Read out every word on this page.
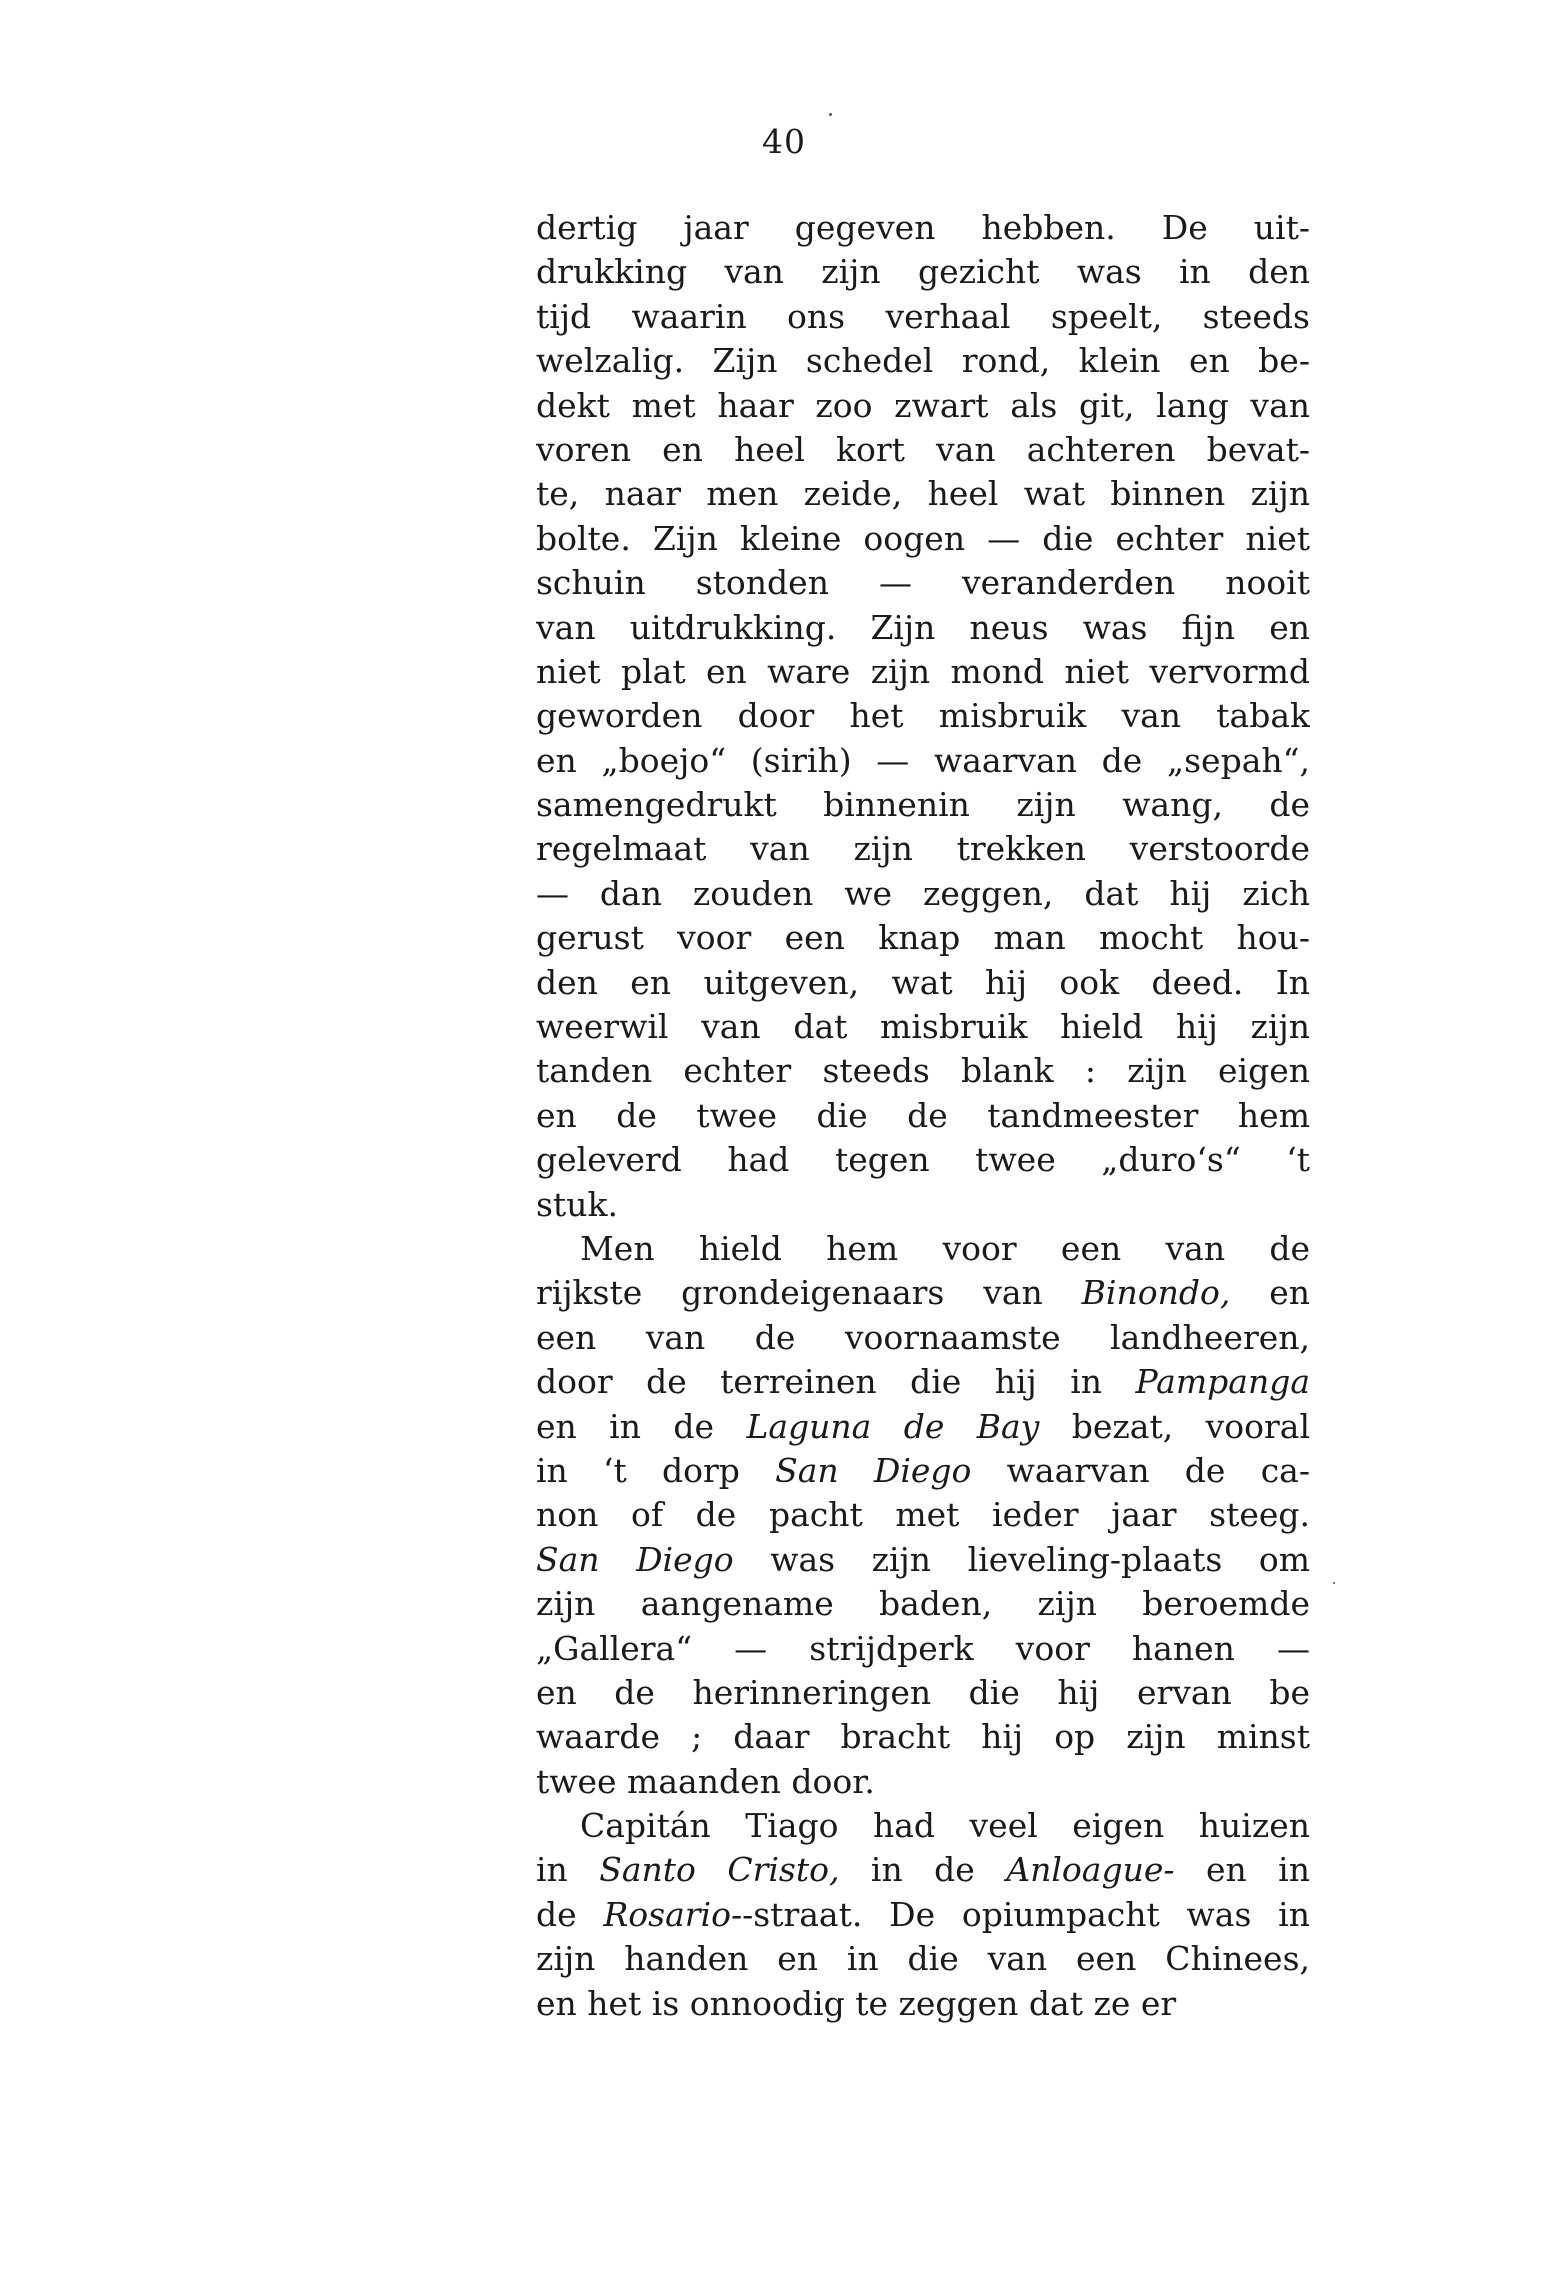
40
dertig jaar gegeven hebben. De uit-
drukking van zijn gezicht was in den
tijd waarin ons verhaal speelt, steeds
welzalig. Zijn schedel rond, klein en be-
dekt met haar zoo zwart als git, lang van
voren en heel kort van achteren bevat-
te, naar men zeide, heel wat binnen zijn
bolte. Zijn kleine oogen — die echter niet
schuin stonden — veranderden nooit
van uitdrukking. Zijn neus was fijn en
niet plat en ware zijn mond niet vervormd
geworden door het misbruik van tabak
en „boejo“ (sirih) — waarvan de „sepah“,
samengedrukt binnenin zijn wang, de
regelmaat van zijn trekken verstoorde
— dan zouden we zeggen, dat hij zich
gerust voor een knap man mocht hou-
den en uitgeven, wat hij ook deed. In
weerwil van dat misbruik hield hij zijn
tanden echter steeds blank : zijn eigen
en de twee die de tandmeester hem
geleverd had tegen twee „duro‘s“ ‘t
stuk.
Men hield hem voor een van de
rijkste grondeigenaars van Binondo, en
een van de voornaamste landheeren,
door de terreinen die hij in Pampanga
en in de Laguna de Bay bezat, vooral
in ‘t dorp San Diego waarvan de ca-
non of de pacht met ieder jaar steeg.
San Diego was zijn lieveling-plaats om
zijn aangename baden, zijn beroemde
„Gallera“ — strijdperk voor hanen —
en de herinneringen die hij ervan be
waarde ; daar bracht hij op zijn minst
twee maanden door.
Capitán Tiago had veel eigen huizen
in Santo Cristo, in de Anloague- en in
de Rosario--straat. De opiumpacht was in
zijn handen en in die van een Chinees,
en het is onnoodig te zeggen dat ze er
